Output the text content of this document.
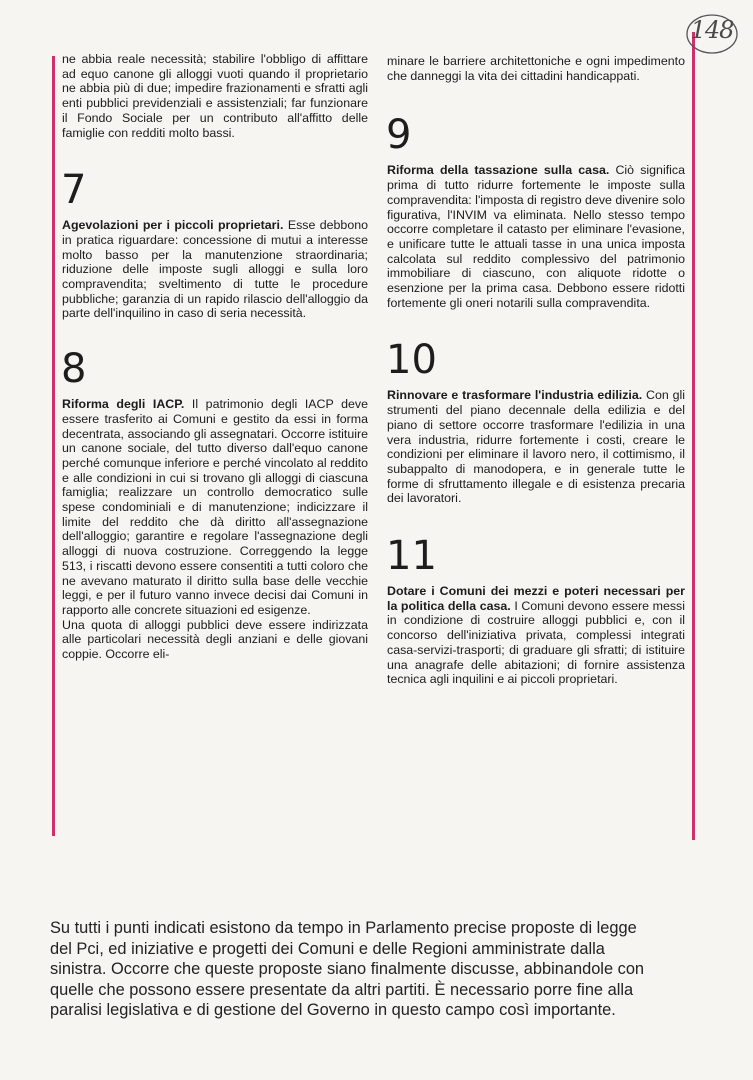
148

ne abbia reale necessità; stabilire l'obbligo di affittare ad equo canone gli alloggi vuoti quando il proprietario ne abbia più di due; impedire frazionamenti e sfratti agli enti pubblici previdenziali e assistenziali; far funzionare il Fondo Sociale per un contributo all'affitto delle famiglie con redditi molto bassi.

7

Agevolazioni per i piccoli proprietari. Esse debbono in pratica riguardare: concessione di mutui a interesse molto basso per la manutenzione straordinaria; riduzione delle imposte sugli alloggi e sulla loro compravendita; sveltimento di tutte le procedure pubbliche; garanzia di un rapido rilascio dell'alloggio da parte dell'inquilino in caso di seria necessità.

8

Riforma degli IACP. Il patrimonio degli IACP deve essere trasferito ai Comuni e gestito da essi in forma decentrata, associando gli assegnatari. Occorre istituire un canone sociale, del tutto diverso dall'equo canone perché comunque inferiore e perché vincolato al reddito e alle condizioni in cui si trovano gli alloggi di ciascuna famiglia; realizzare un controllo democratico sulle spese condominiali e di manutenzione; indicizzare il limite del reddito che dà diritto all'assegnazione dell'alloggio; garantire e regolare l'assegnazione degli alloggi di nuova costruzione. Correggendo la legge 513, i riscatti devono essere consentiti a tutti coloro che ne avevano maturato il diritto sulla base delle vecchie leggi, e per il futuro vanno invece decisi dai Comuni in rapporto alle concrete situazioni ed esigenze.

Una quota di alloggi pubblici deve essere indirizzata alle particolari necessità degli anziani e delle giovani coppie. Occorre eli-

minare le barriere architettoniche e ogni impedimento che danneggi la vita dei cittadini handicappati.

9

Riforma della tassazione sulla casa. Ciò significa prima di tutto ridurre fortemente le imposte sulla compravendita: l'imposta di registro deve divenire solo figurativa, l'INVIM va eliminata. Nello stesso tempo occorre completare il catasto per eliminare l'evasione, e unificare tutte le attuali tasse in una unica imposta calcolata sul reddito complessivo del patrimonio immobiliare di ciascuno, con aliquote ridotte o esenzione per la prima casa. Debbono essere ridotti fortemente gli oneri notarili sulla compravendita.

10

Rinnovare e trasformare l'industria edilizia. Con gli strumenti del piano decennale della edilizia e del piano di settore occorre trasformare l'edilizia in una vera industria, ridurre fortemente i costi, creare le condizioni per eliminare il lavoro nero, il cottimismo, il subappalto di manodopera, e in generale tutte le forme di sfruttamento illegale e di esistenza precaria dei lavoratori.

11

Dotare i Comuni dei mezzi e poteri necessari per la politica della casa. I Comuni devono essere messi in condizione di costruire alloggi pubblici e, con il concorso dell'iniziativa privata, complessi integrati casa-servizi-trasporti; di graduare gli sfratti; di istituire una anagrafe delle abitazioni; di fornire assistenza tecnica agli inquilini e ai piccoli proprietari.

Su tutti i punti indicati esistono da tempo in Parlamento precise proposte di legge del Pci, ed iniziative e progetti dei Comuni e delle Regioni amministrate dalla sinistra. Occorre che queste proposte siano finalmente discusse, abbinandole con quelle che possono essere presentate da altri partiti. È necessario porre fine alla paralisi legislativa e di gestione del Governo in questo campo così importante.
